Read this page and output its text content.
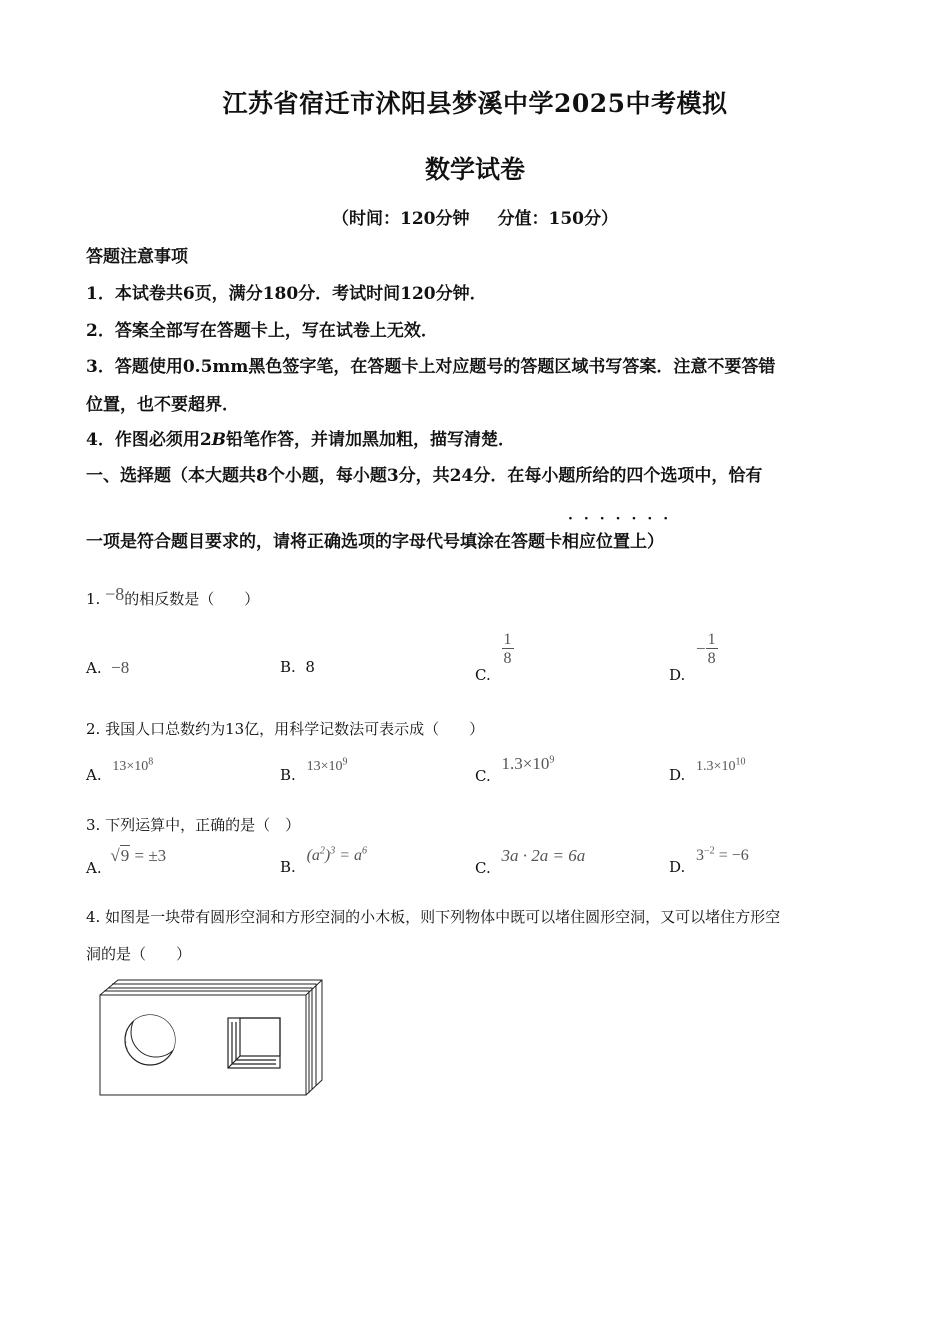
江苏省宿迁市沭阳县梦溪中学2025中考模拟
数学试卷
（时间：120分钟 分值：150分）
答题注意事项
1．本试卷共6页，满分180分．考试时间120分钟．
2．答案全部写在答题卡上，写在试卷上无效．
3．答题使用0.5mm黑色签字笔，在答题卡上对应题号的答题区域书写答案．注意不要答错
位置，也不要超界．
4．作图必须用2B铅笔作答，并请加黑加粗，描写清楚．
一、选择题（本大题共8个小题，每小题3分，共24分．在每小题所给的四个选项中，恰有
·······
一项是符合题目要求的，请将正确选项的字母代号填涂在答题卡相应位置上）
1. −8的相反数是（　　）
A. −8	B. 8	C.
$\frac{1}{8}$
D. − $\frac{1}{8}$
2. 我国人口总数约为13亿，用科学记数法可表示成（　　）
A. $13\times 10^8$
B. $13\times 10^9$
C. $1.3\times 10^9$
D. $1.3\times 10^{10}$
3. 下列运算中，正确的是（　）
A. √9 = ±3
B. $(a^2)^3 = a^6$
C. 3a · 2a = 6a
D. $3^{-2} = -6$
4. 如图是一块带有圆形空洞和方形空洞的小木板，则下列物体中既可以堵住圆形空洞，又可以堵住方形空
洞的是（　　）
